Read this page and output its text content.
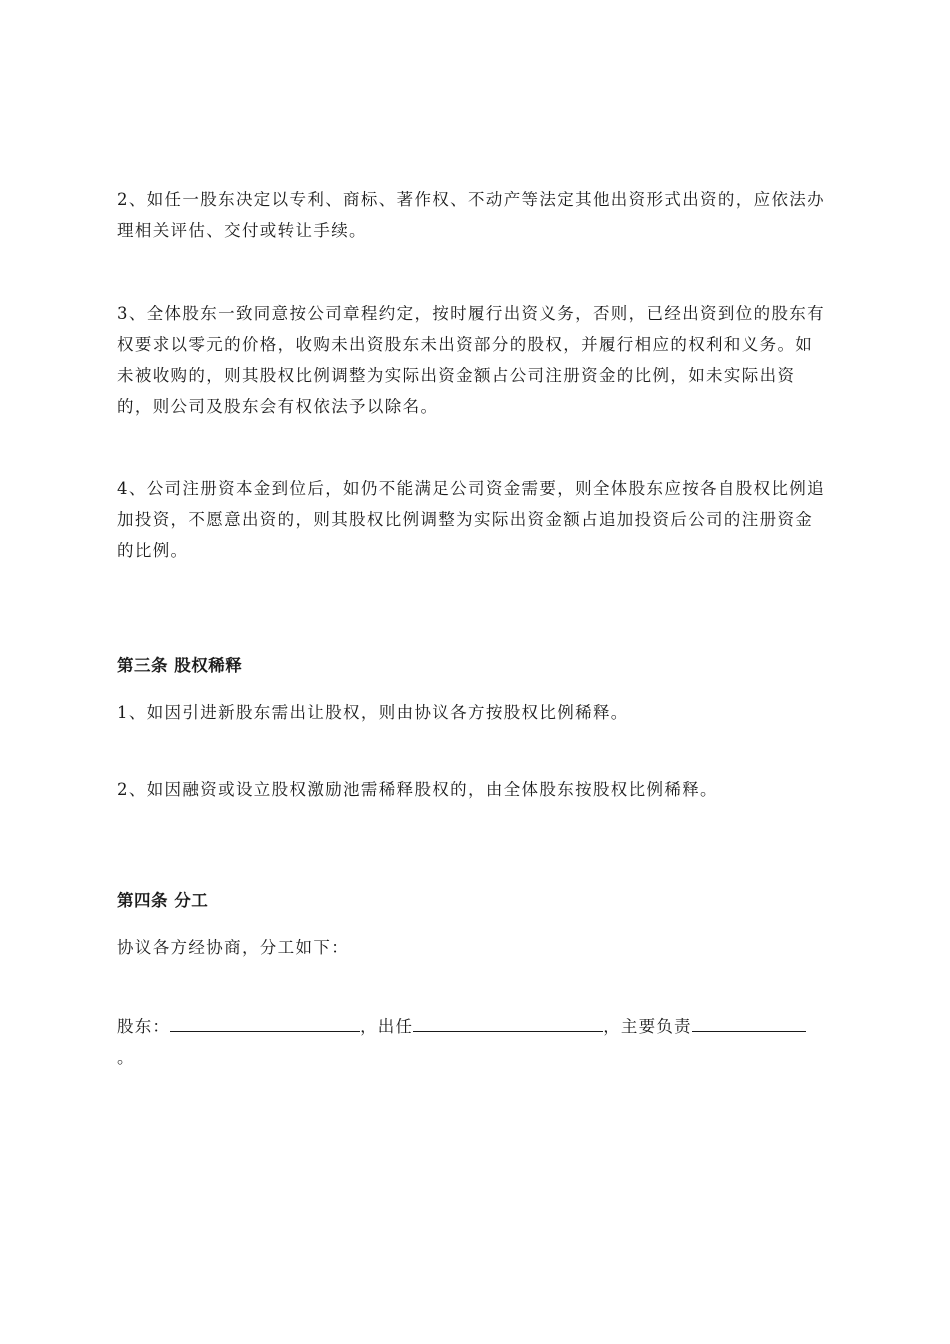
2、如任一股东决定以专利、商标、著作权、不动产等法定其他出资形式出资的，应依法办理相关评估、交付或转让手续。

3、全体股东一致同意按公司章程约定，按时履行出资义务，否则，已经出资到位的股东有权要求以零元的价格，收购未出资股东未出资部分的股权，并履行相应的权利和义务。如未被收购的，则其股权比例调整为实际出资金额占公司注册资金的比例，如未实际出资的，则公司及股东会有权依法予以除名。

4、公司注册资本金到位后，如仍不能满足公司资金需要，则全体股东应按各自股权比例追加投资，不愿意出资的，则其股权比例调整为实际出资金额占追加投资后公司的注册资金的比例。

第三条 股权稀释

1、如因引进新股东需出让股权，则由协议各方按股权比例稀释。

2、如因融资或设立股权激励池需稀释股权的，由全体股东按股权比例稀释。

第四条 分工

协议各方经协商，分工如下：

股东：	，出任	，主要负责
。
